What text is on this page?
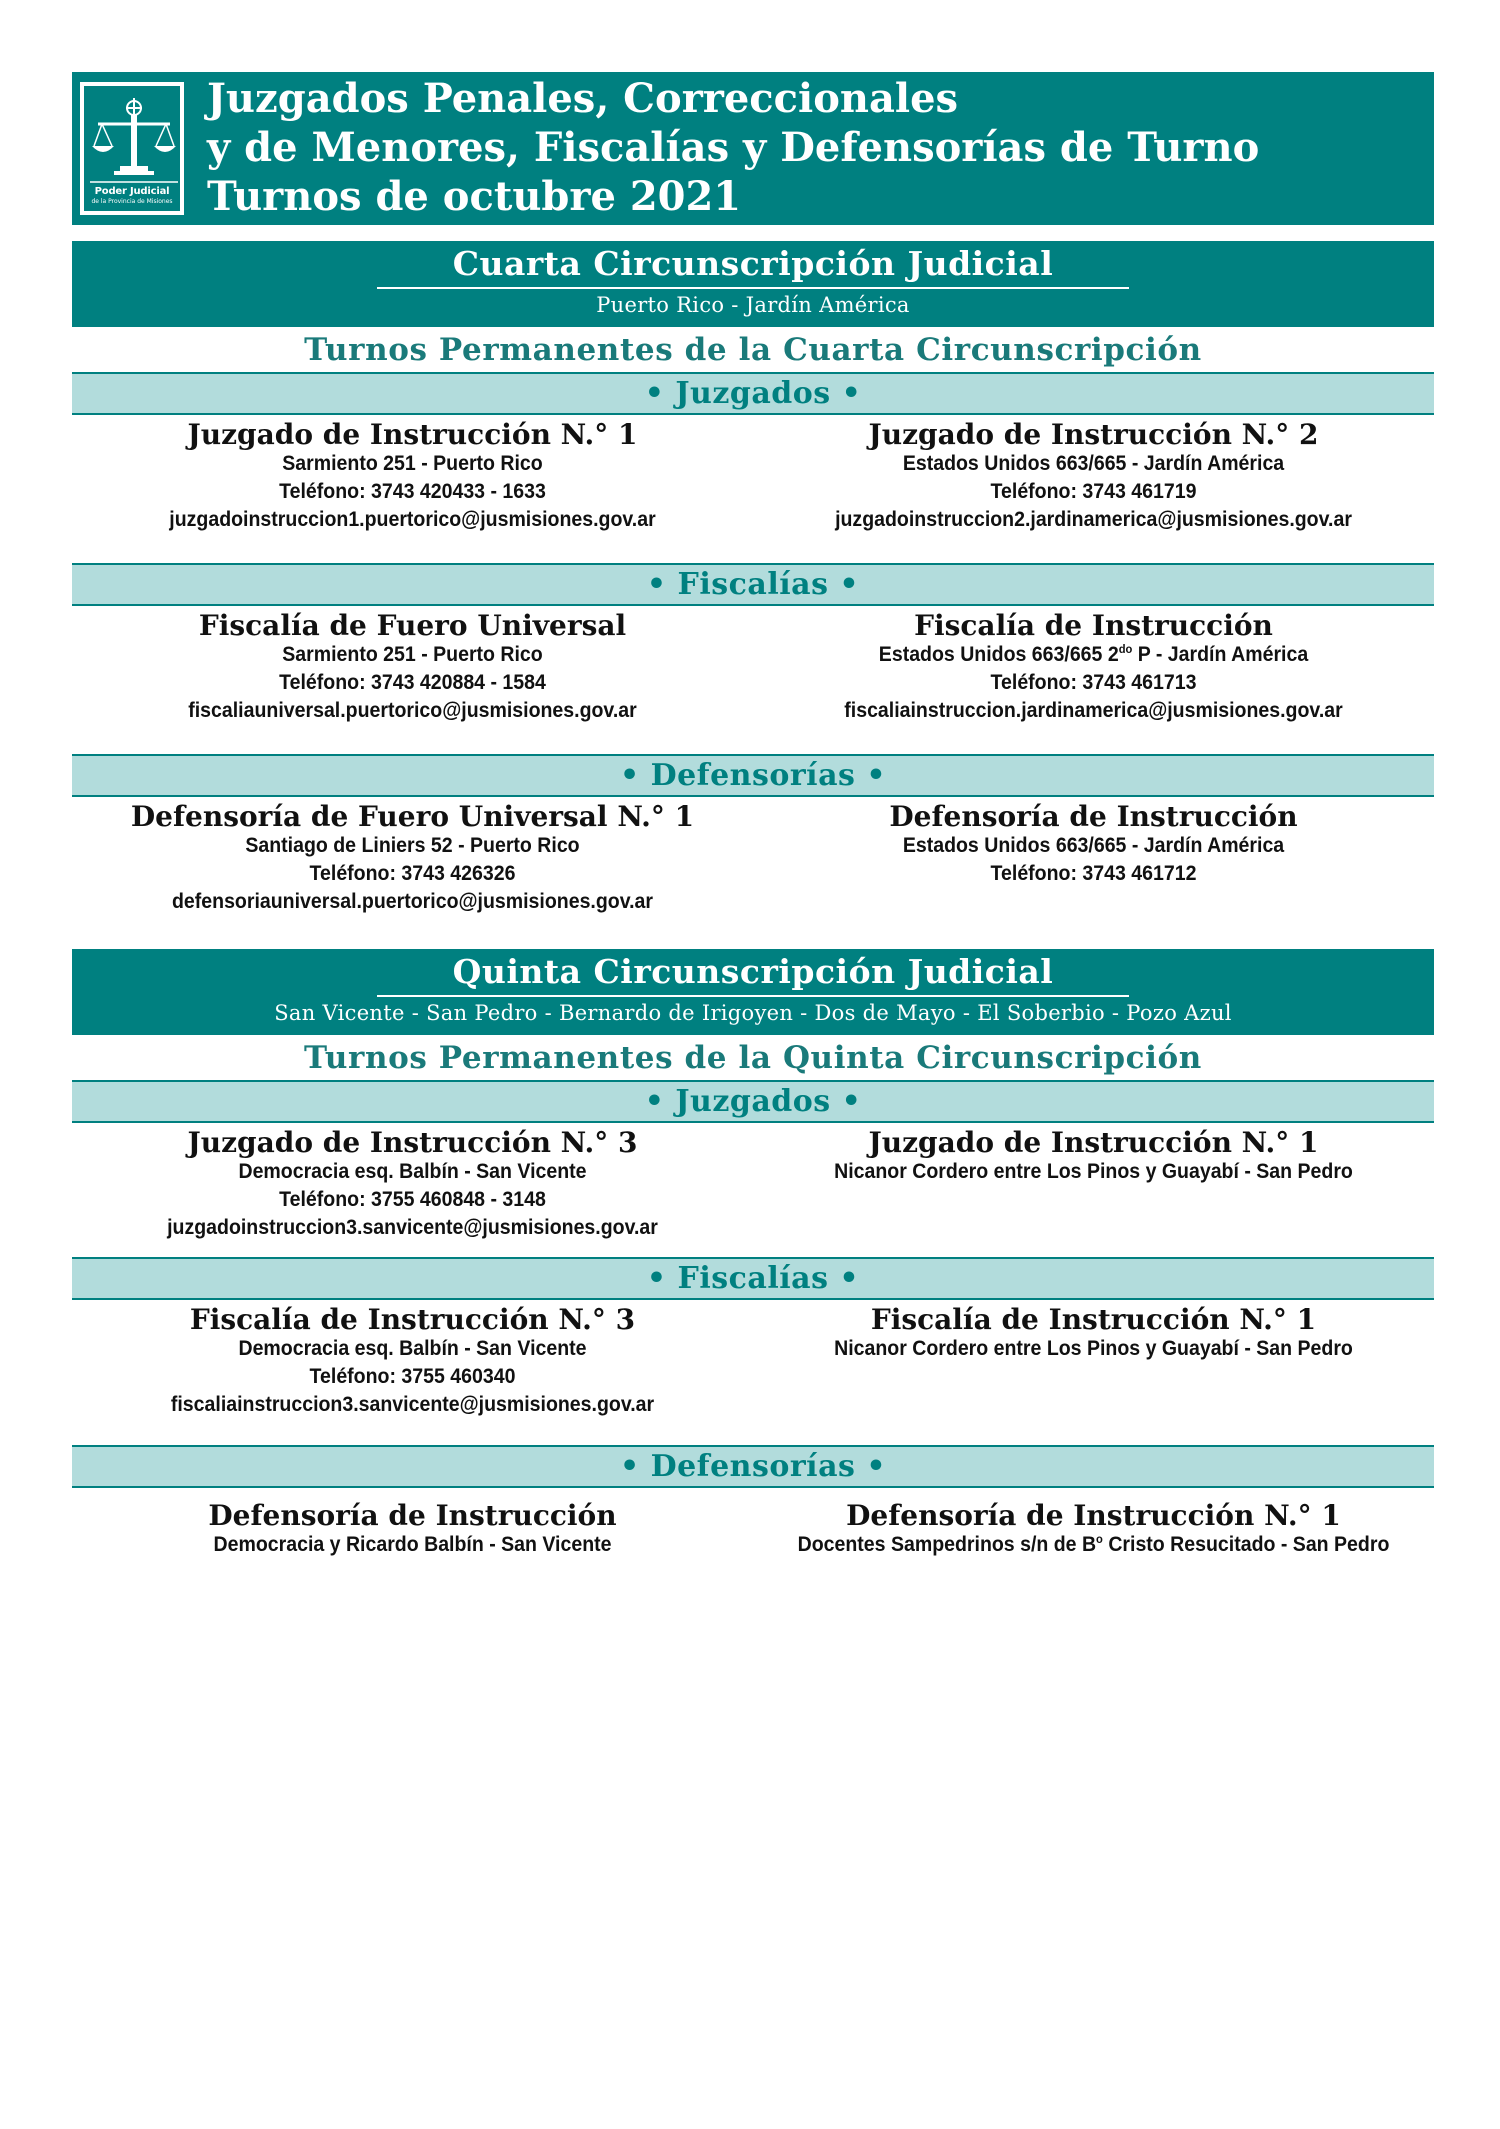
Poder Judicial
de la Provincia de Misiones
Juzgados Penales, Correccionales
y de Menores, Fiscalías y Defensorías de Turno
Turnos de octubre 2021
Cuarta Circunscripción Judicial
Puerto Rico - Jardín América
Turnos Permanentes de la Cuarta Circunscripción
• Juzgados •
Juzgado de Instrucción N.° 1
Sarmiento 251 - Puerto Rico
Teléfono: 3743 420433 - 1633
juzgadoinstruccion1.puertorico@jusmisiones.gov.ar
Juzgado de Instrucción N.° 2
Estados Unidos 663/665 - Jardín América
Teléfono: 3743 461719
juzgadoinstruccion2.jardinamerica@jusmisiones.gov.ar
• Fiscalías •
Fiscalía de Fuero Universal
Sarmiento 251 - Puerto Rico
Teléfono: 3743 420884 - 1584
fiscaliauniversal.puertorico@jusmisiones.gov.ar
Fiscalía de Instrucción
Estados Unidos 663/665 $2^{do}$ P - Jardín América
Teléfono: 3743 461713
fiscaliainstruccion.jardinamerica@jusmisiones.gov.ar
• Defensorías •
Defensoría de Fuero Universal N.° 1
Santiago de Liniers 52 - Puerto Rico
Teléfono: 3743 426326
defensoriauniversal.puertorico@jusmisiones.gov.ar
Defensoría de Instrucción
Estados Unidos 663/665 - Jardín América
Teléfono: 3743 461712
Quinta Circunscripción Judicial
San Vicente - San Pedro - Bernardo de Irigoyen - Dos de Mayo - El Soberbio - Pozo Azul
Turnos Permanentes de la Quinta Circunscripción
• Juzgados •
Juzgado de Instrucción N.° 3
Democracia esq. Balbín - San Vicente
Teléfono: 3755 460848 - 3148
juzgadoinstruccion3.sanvicente@jusmisiones.gov.ar
Juzgado de Instrucción N.° 1
Nicanor Cordero entre Los Pinos y Guayabí - San Pedro
• Fiscalías •
Fiscalía de Instrucción N.° 3
Democracia esq. Balbín - San Vicente
Teléfono: 3755 460340
fiscaliainstruccion3.sanvicente@jusmisiones.gov.ar
Fiscalía de Instrucción N.° 1
Nicanor Cordero entre Los Pinos y Guayabí - San Pedro
• Defensorías •
Defensoría de Instrucción
Democracia y Ricardo Balbín - San Vicente
Defensoría de Instrucción N.° 1
Docentes Sampedrinos s/n de $B^o$ Cristo Resucitado - San Pedro
